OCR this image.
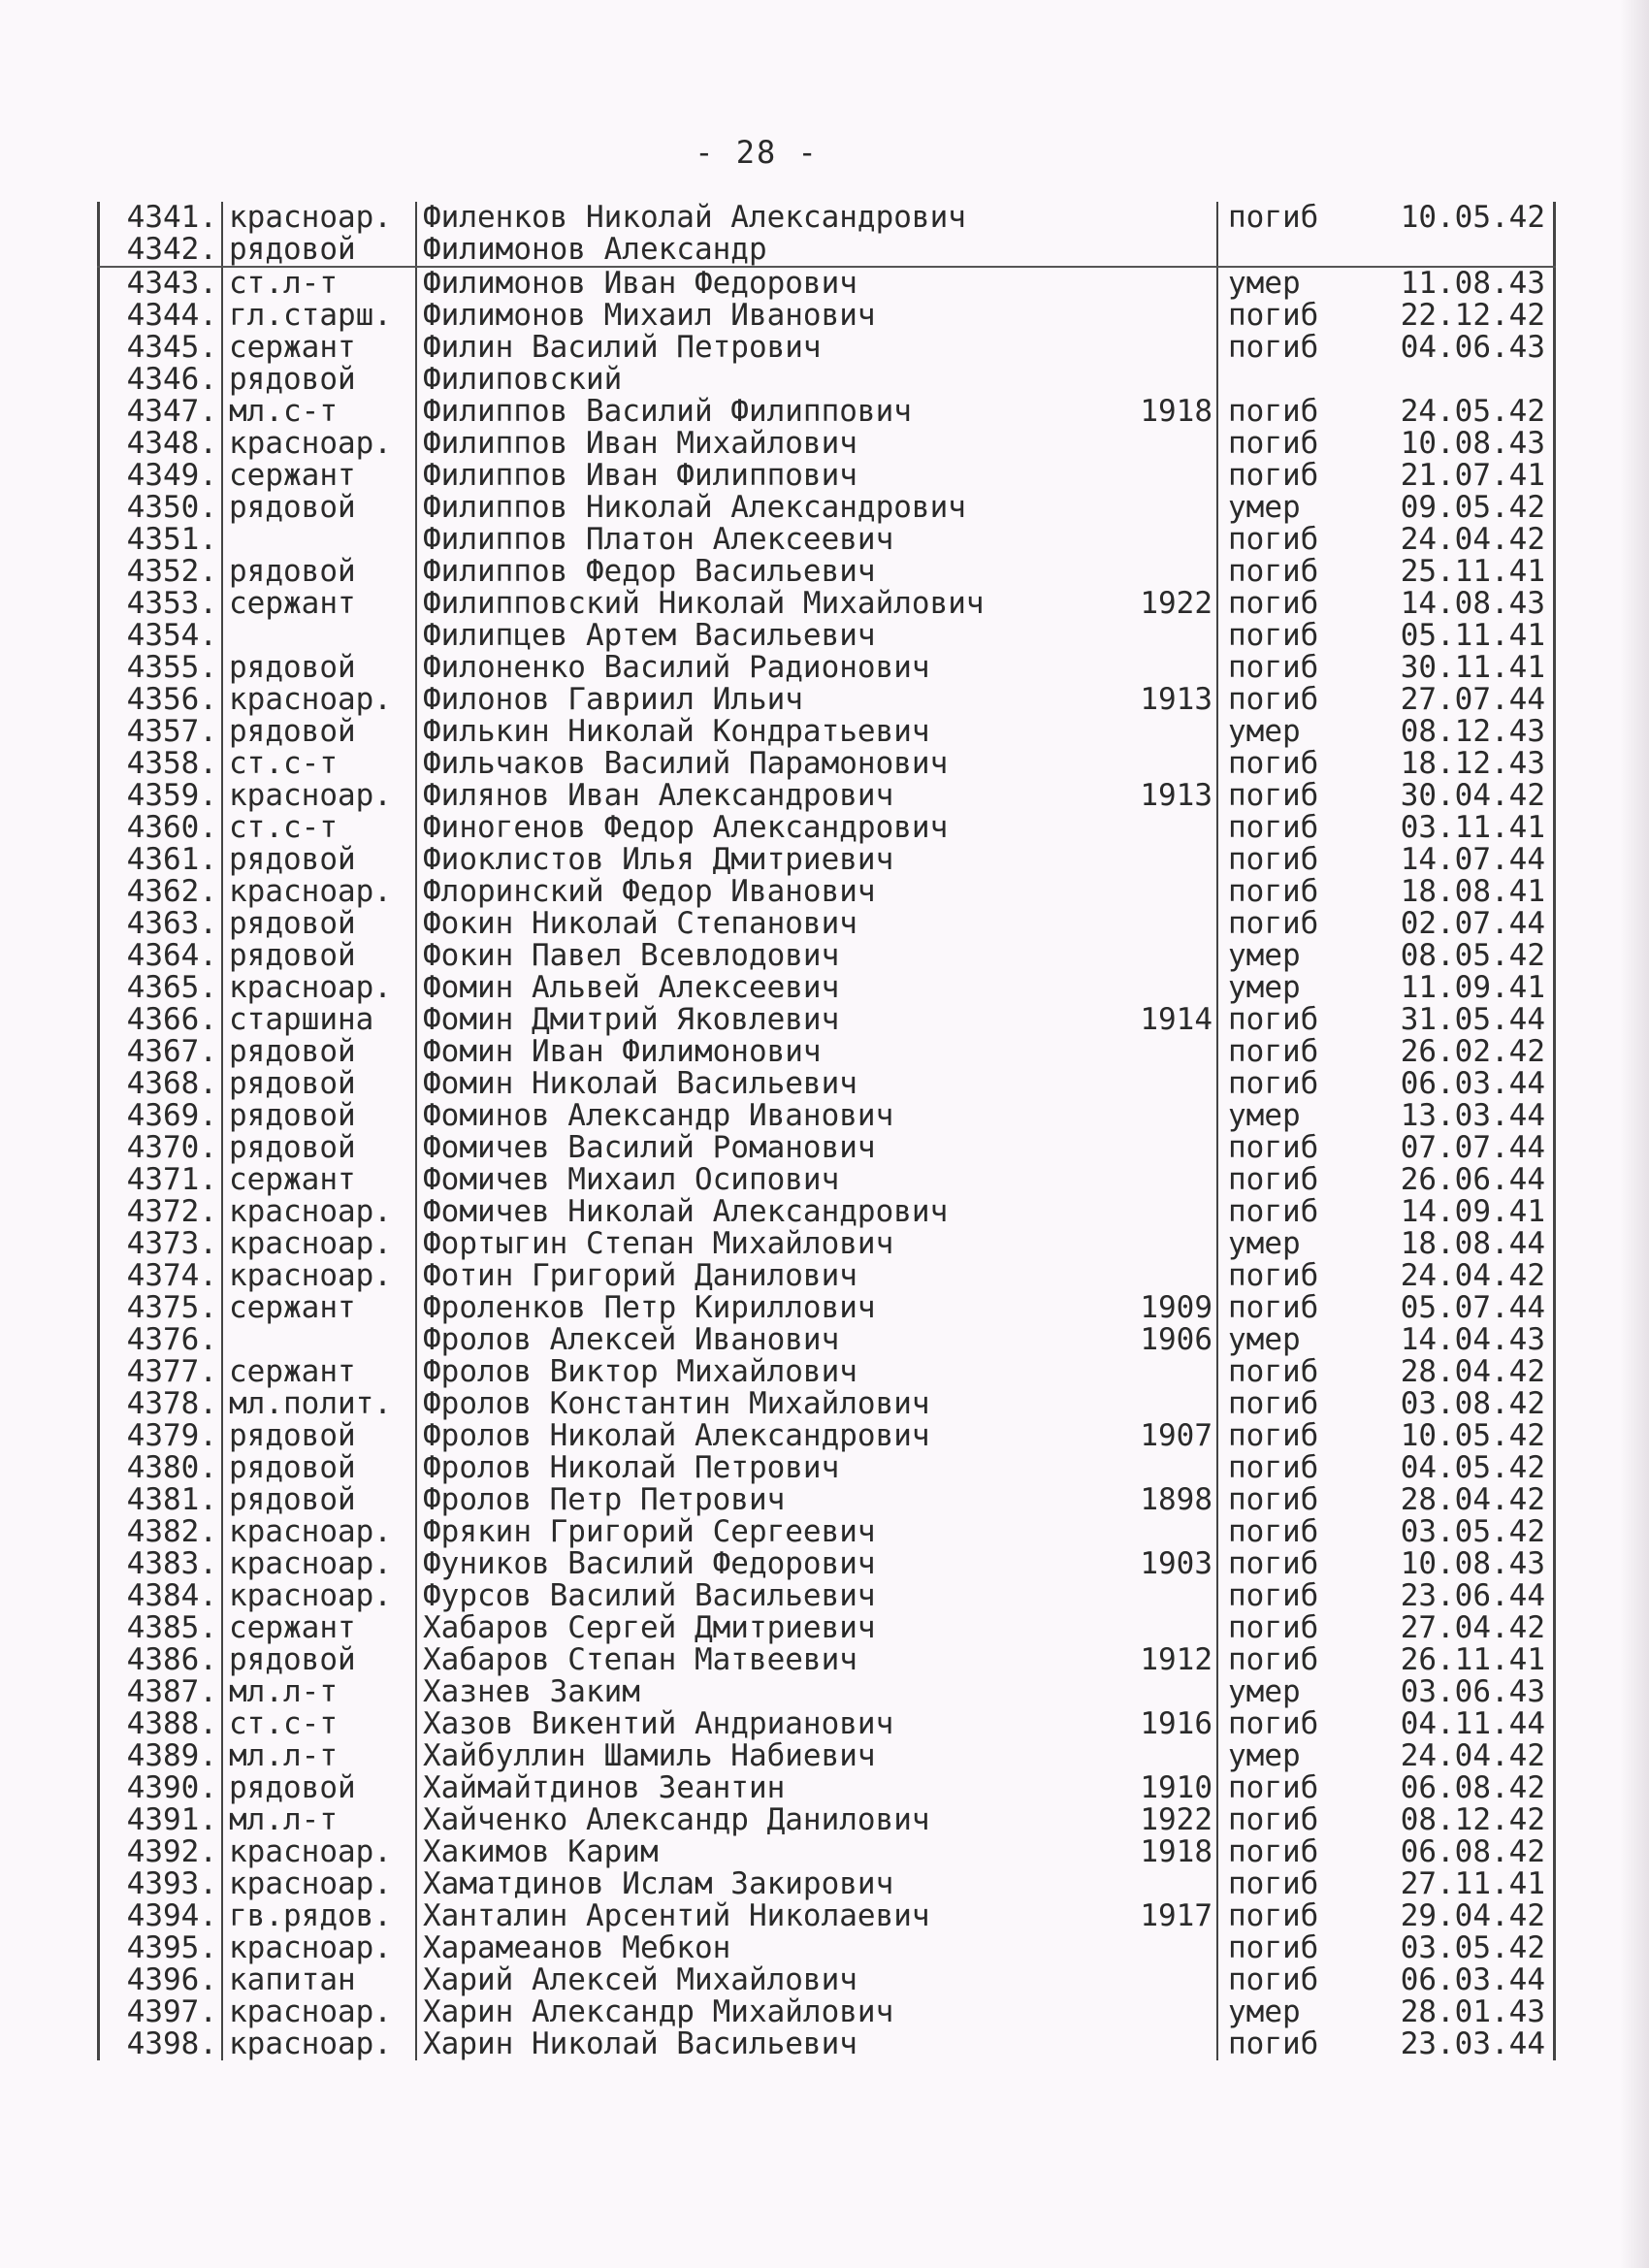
- 28 -
4341. красноар.	Филенков Николай Александрович	погиб	10.05.42
4342. рядовой	Филимонов Александр
4343. ст.л-т	Филимонов Иван Федорович	умер	11.08.43
4344. гл.старш.	Филимонов Михаил Иванович	погиб	22.12.42
4345. сержант	Филин Василий Петрович	погиб	04.06.43
4346. рядовой	Филиповский
4347. мл.с-т	Филиппов Василий Филиппович	1918 погиб	24.05.42
4348. красноар.	Филиппов Иван Михайлович	погиб	10.08.43
4349. сержант	Филиппов Иван Филиппович	погиб	21.07.41
4350. рядовой	Филиппов Николай Александрович	умер	09.05.42
4351.	Филиппов Платон Алексеевич	погиб	24.04.42
4352. рядовой	Филиппов Федор Васильевич	погиб	25.11.41
4353. сержант	Филипповский Николай Михайлович	1922 погиб	14.08.43
4354.	Филипцев Артем Васильевич	погиб	05.11.41
4355. рядовой	Филоненко Василий Радионович	погиб	30.11.41
4356. красноар.	Филонов Гавриил Ильич	1913 погиб	27.07.44
4357. рядовой	Филькин Николай Кондратьевич	умер	08.12.43
4358. ст.с-т	Фильчаков Василий Парамонович	погиб	18.12.43
4359. красноар.	Филянов Иван Александрович	1913 погиб	30.04.42
4360. ст.с-т	Финогенов Федор Александрович	погиб	03.11.41
4361. рядовой	Фиоклистов Илья Дмитриевич	погиб	14.07.44
4362. красноар.	Флоринский Федор Иванович	погиб	18.08.41
4363. рядовой	Фокин Николай Степанович	погиб	02.07.44
4364. рядовой	Фокин Павел Всевлодович	умер	08.05.42
4365. красноар.	Фомин Альвей Алексеевич	умер	11.09.41
4366. старшина	Фомин Дмитрий Яковлевич	1914 погиб	31.05.44
4367. рядовой	Фомин Иван Филимонович	погиб	26.02.42
4368. рядовой	Фомин Николай Васильевич	погиб	06.03.44
4369. рядовой	Фоминов Александр Иванович	умер	13.03.44
4370. рядовой	Фомичев Василий Романович	погиб	07.07.44
4371. сержант	Фомичев Михаил Осипович	погиб	26.06.44
4372. красноар.	Фомичев Николай Александрович	погиб	14.09.41
4373. красноар.	Фортыгин Степан Михайлович	умер	18.08.44
4374. красноар.	Фотин Григорий Данилович	погиб	24.04.42
4375. сержант	Фроленков Петр Кириллович	1909 погиб	05.07.44
4376.	Фролов Алексей Иванович	1906 умер	14.04.43
4377. сержант	Фролов Виктор Михайлович	погиб	28.04.42
4378. мл.полит.	Фролов Константин Михайлович	погиб	03.08.42
4379. рядовой	Фролов Николай Александрович	1907 погиб	10.05.42
4380. рядовой	Фролов Николай Петрович	погиб	04.05.42
4381. рядовой	Фролов Петр Петрович	1898 погиб	28.04.42
4382. красноар.	Фрякин Григорий Сергеевич	погиб	03.05.42
4383. красноар.	Фуников Василий Федорович	1903 погиб	10.08.43
4384. красноар.	Фурсов Василий Васильевич	погиб	23.06.44
4385. сержант	Хабаров Сергей Дмитриевич	погиб	27.04.42
4386. рядовой	Хабаров Степан Матвеевич	1912 погиб	26.11.41
4387. мл.л-т	Хазнев Заким	умер	03.06.43
4388. ст.с-т	Хазов Викентий Андрианович	1916 погиб	04.11.44
4389. мл.л-т	Хайбуллин Шамиль Набиевич	умер	24.04.42
4390. рядовой	Хаймайтдинов Зеантин	1910 погиб	06.08.42
4391. мл.л-т	Хайченко Александр Данилович	1922 погиб	08.12.42
4392. красноар.	Хакимов Карим	1918 погиб	06.08.42
4393. красноар.	Хаматдинов Ислам Закирович	погиб	27.11.41
4394. гв.рядов.	Ханталин Арсентий Николаевич	1917 погиб	29.04.42
4395. красноар.	Харамеанов Мебкон	погиб	03.05.42
4396. капитан	Харий Алексей Михайлович	погиб	06.03.44
4397. красноар.	Харин Александр Михайлович	умер	28.01.43
4398. красноар.	Харин Николай Васильевич	погиб	23.03.44
